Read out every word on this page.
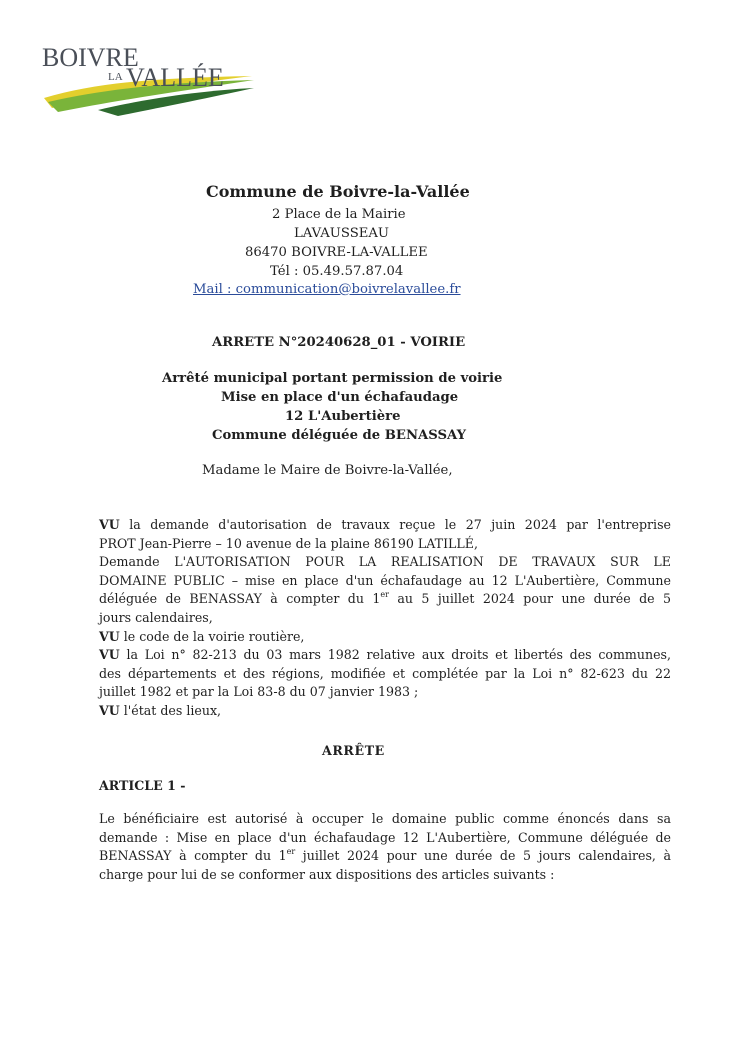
BOIVRE
LA VALLÉE
Commune de Boivre-la-Vallée
2 Place de la Mairie
LAVAUSSEAU
86470 BOIVRE-LA-VALLEE
Tél : 05.49.57.87.04
Mail : communication@boivrelavallee.fr
ARRETE N°20240628_01 - VOIRIE
Arrêté municipal portant permission de voirie
Mise en place d'un échafaudage
12 L'Aubertière
Commune déléguée de BENASSAY
Madame le Maire de Boivre-la-Vallée,
VU la demande d'autorisation de travaux reçue le 27 juin 2024 par l'entreprise
PROT Jean-Pierre – 10 avenue de la plaine 86190 LATILLÉ,
Demande L'AUTORISATION POUR LA REALISATION DE TRAVAUX SUR LE
DOMAINE PUBLIC – mise en place d'un échafaudage au 12 L'Aubertière, Commune
déléguée de BENASSAY à compter du 1er au 5 juillet 2024 pour une durée de 5
jours calendaires,
VU le code de la voirie routière,
VU la Loi n° 82-213 du 03 mars 1982 relative aux droits et libertés des communes,
des départements et des régions, modifiée et complétée par la Loi n° 82-623 du 22
juillet 1982 et par la Loi 83-8 du 07 janvier 1983 ;
VU l'état des lieux,
ARRÊTE
ARTICLE 1 -
Le bénéficiaire est autorisé à occuper le domaine public comme énoncés dans sa
demande : Mise en place d'un échafaudage 12 L'Aubertière, Commune déléguée de
BENASSAY à compter du 1er juillet 2024 pour une durée de 5 jours calendaires, à
charge pour lui de se conformer aux dispositions des articles suivants :
